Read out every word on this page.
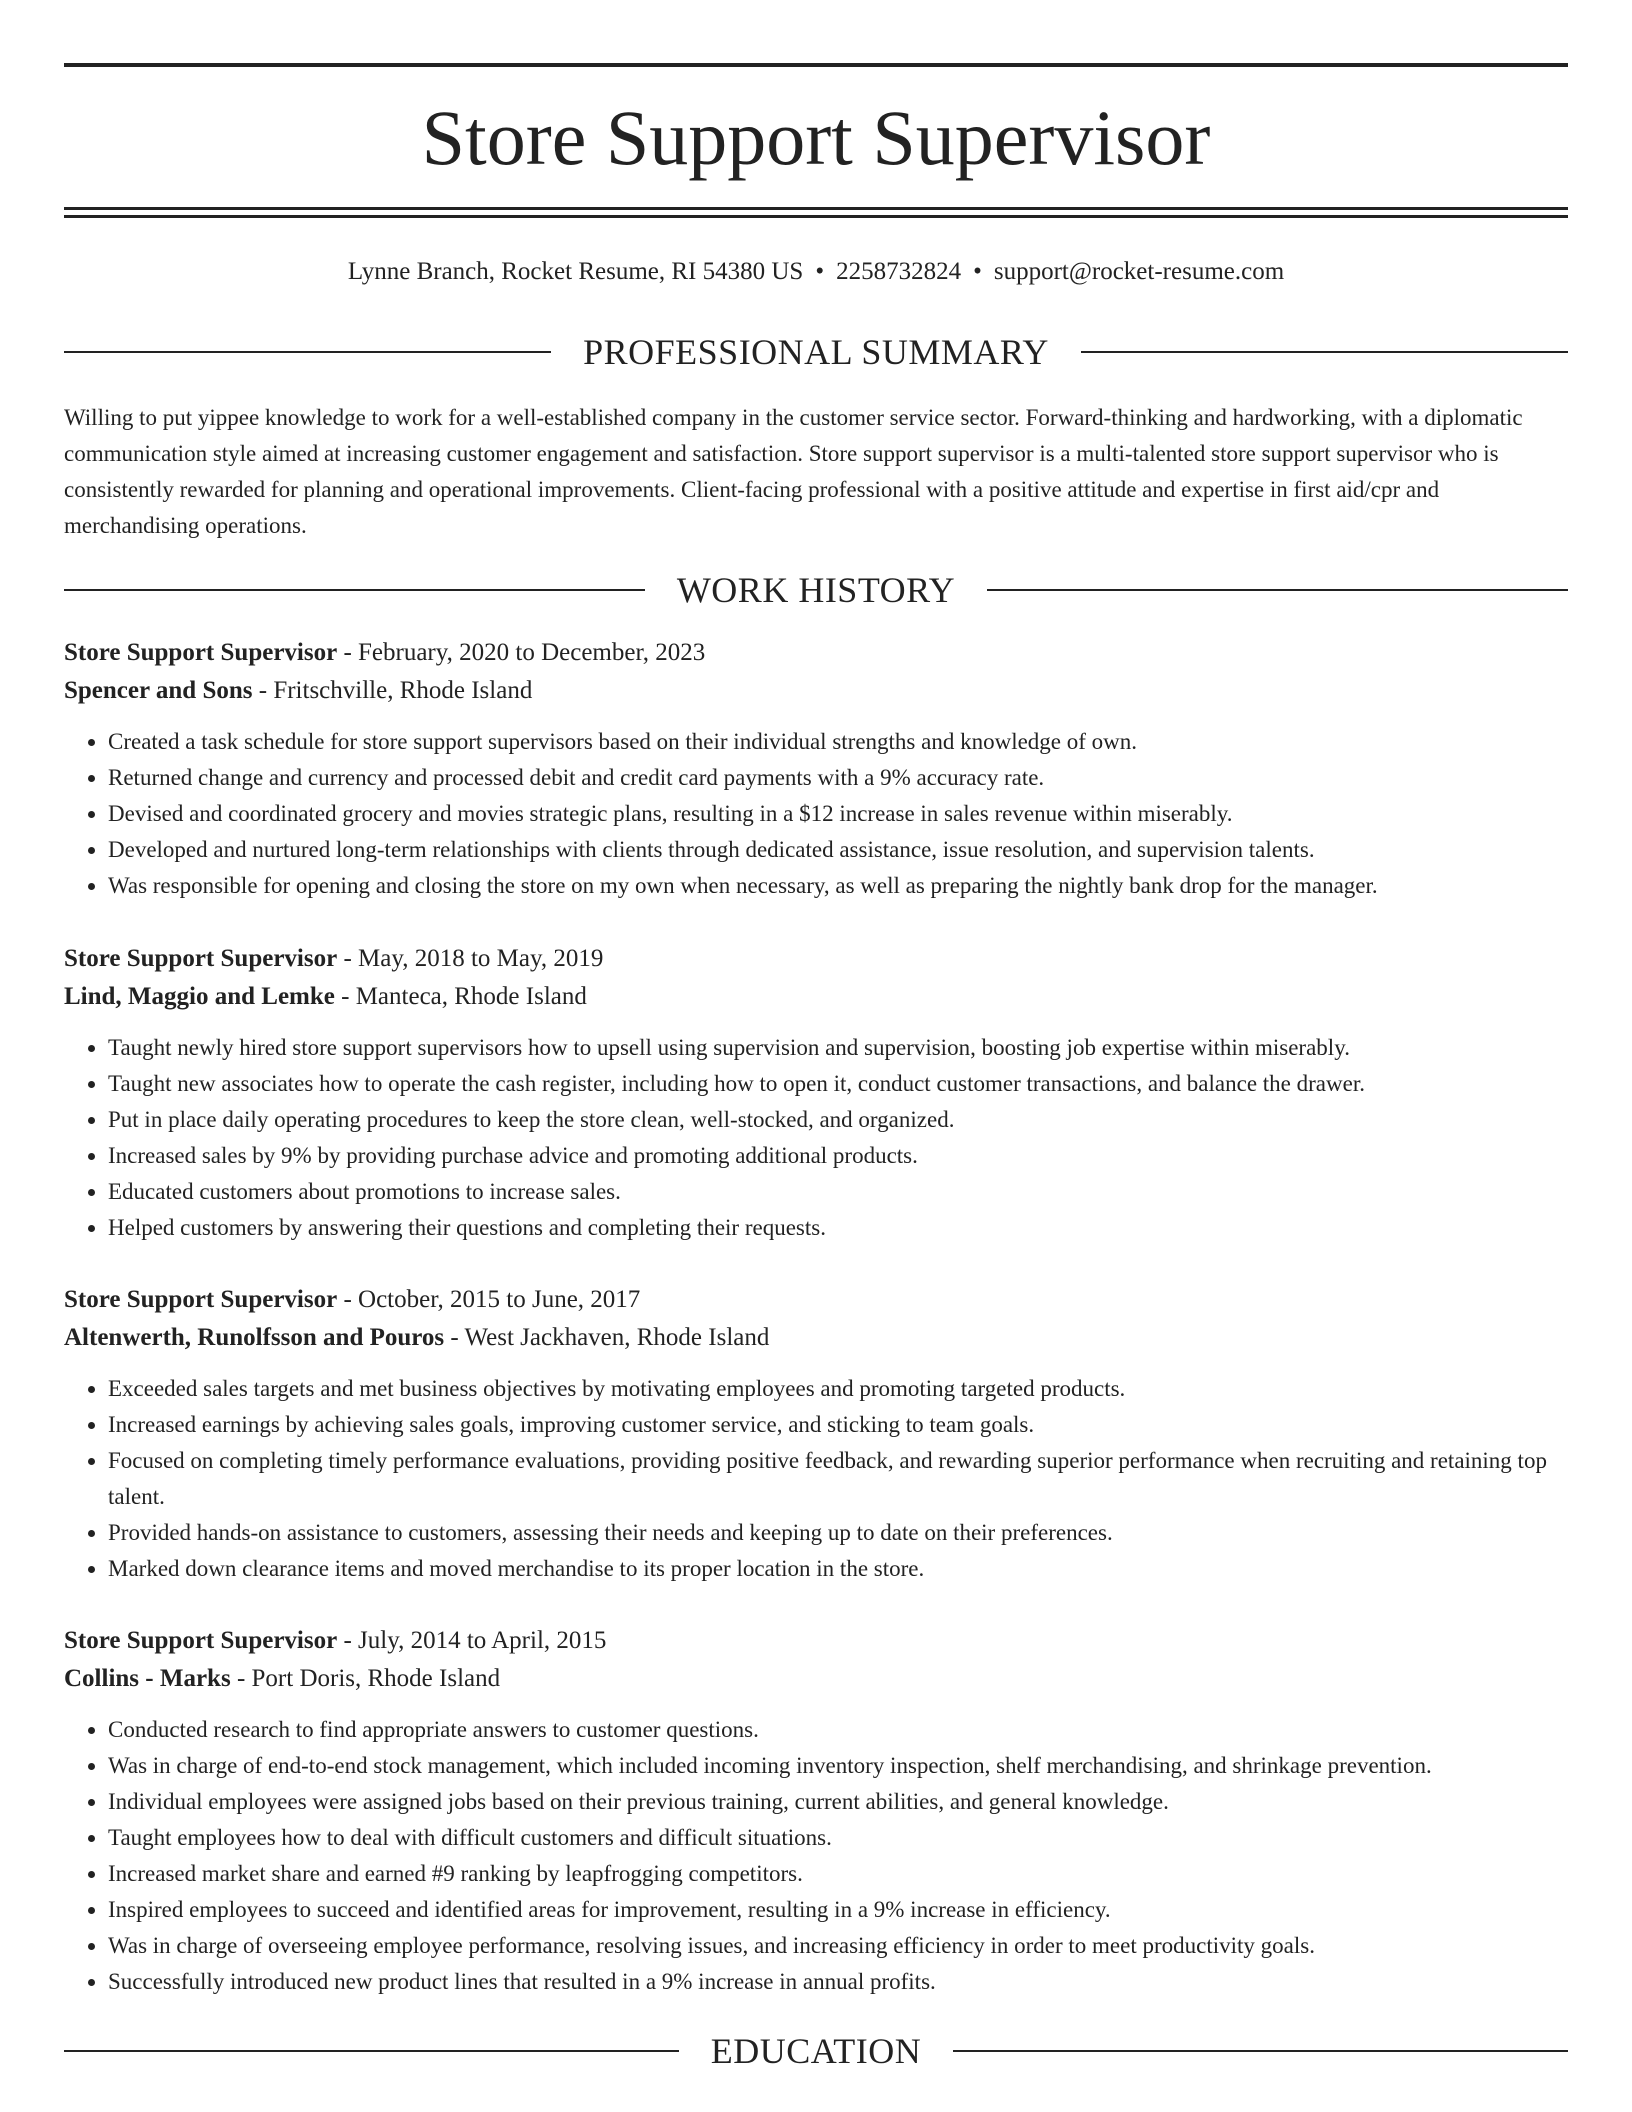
Store Support Supervisor
Lynne Branch, Rocket Resume, RI 54380 US • 2258732824 • support@rocket-resume.com
PROFESSIONAL SUMMARY

Willing to put yippee knowledge to work for a well-established company in the customer service sector. Forward-thinking and hardworking, with a diplomatic communication style aimed at increasing customer engagement and satisfaction. Store support supervisor is a multi-talented store support supervisor who is consistently rewarded for planning and operational improvements. Client-facing professional with a positive attitude and expertise in first aid/cpr and merchandising operations.

WORK HISTORY

Store Support Supervisor - February, 2020 to December, 2023

Spencer and Sons - Fritschville, Rhode Island

• Created a task schedule for store support supervisors based on their individual strengths and knowledge of own.
• Returned change and currency and processed debit and credit card payments with a 9% accuracy rate.
• Devised and coordinated grocery and movies strategic plans, resulting in a $12 increase in sales revenue within miserably.
• Developed and nurtured long-term relationships with clients through dedicated assistance, issue resolution, and supervision talents.
• Was responsible for opening and closing the store on my own when necessary, as well as preparing the nightly bank drop for the manager.

Store Support Supervisor - May, 2018 to May, 2019

Lind, Maggio and Lemke - Manteca, Rhode Island

• Taught newly hired store support supervisors how to upsell using supervision and supervision, boosting job expertise within miserably.
• Taught new associates how to operate the cash register, including how to open it, conduct customer transactions, and balance the drawer.
• Put in place daily operating procedures to keep the store clean, well-stocked, and organized.
• Increased sales by 9% by providing purchase advice and promoting additional products.
• Educated customers about promotions to increase sales.
• Helped customers by answering their questions and completing their requests.

Store Support Supervisor - October, 2015 to June, 2017

Altenwerth, Runolfsson and Pouros - West Jackhaven, Rhode Island

• Exceeded sales targets and met business objectives by motivating employees and promoting targeted products.
• Increased earnings by achieving sales goals, improving customer service, and sticking to team goals.
• Focused on completing timely performance evaluations, providing positive feedback, and rewarding superior performance when recruiting and retaining top talent.
• Provided hands-on assistance to customers, assessing their needs and keeping up to date on their preferences.
• Marked down clearance items and moved merchandise to its proper location in the store.

Store Support Supervisor - July, 2014 to April, 2015

Collins - Marks - Port Doris, Rhode Island

• Conducted research to find appropriate answers to customer questions.
• Was in charge of end-to-end stock management, which included incoming inventory inspection, shelf merchandising, and shrinkage prevention.
• Individual employees were assigned jobs based on their previous training, current abilities, and general knowledge.
• Taught employees how to deal with difficult customers and difficult situations.
• Increased market share and earned #9 ranking by leapfrogging competitors.
• Inspired employees to succeed and identified areas for improvement, resulting in a 9% increase in efficiency.
• Was in charge of overseeing employee performance, resolving issues, and increasing efficiency in order to meet productivity goals.
• Successfully introduced new product lines that resulted in a 9% increase in annual profits.
EDUCATION
